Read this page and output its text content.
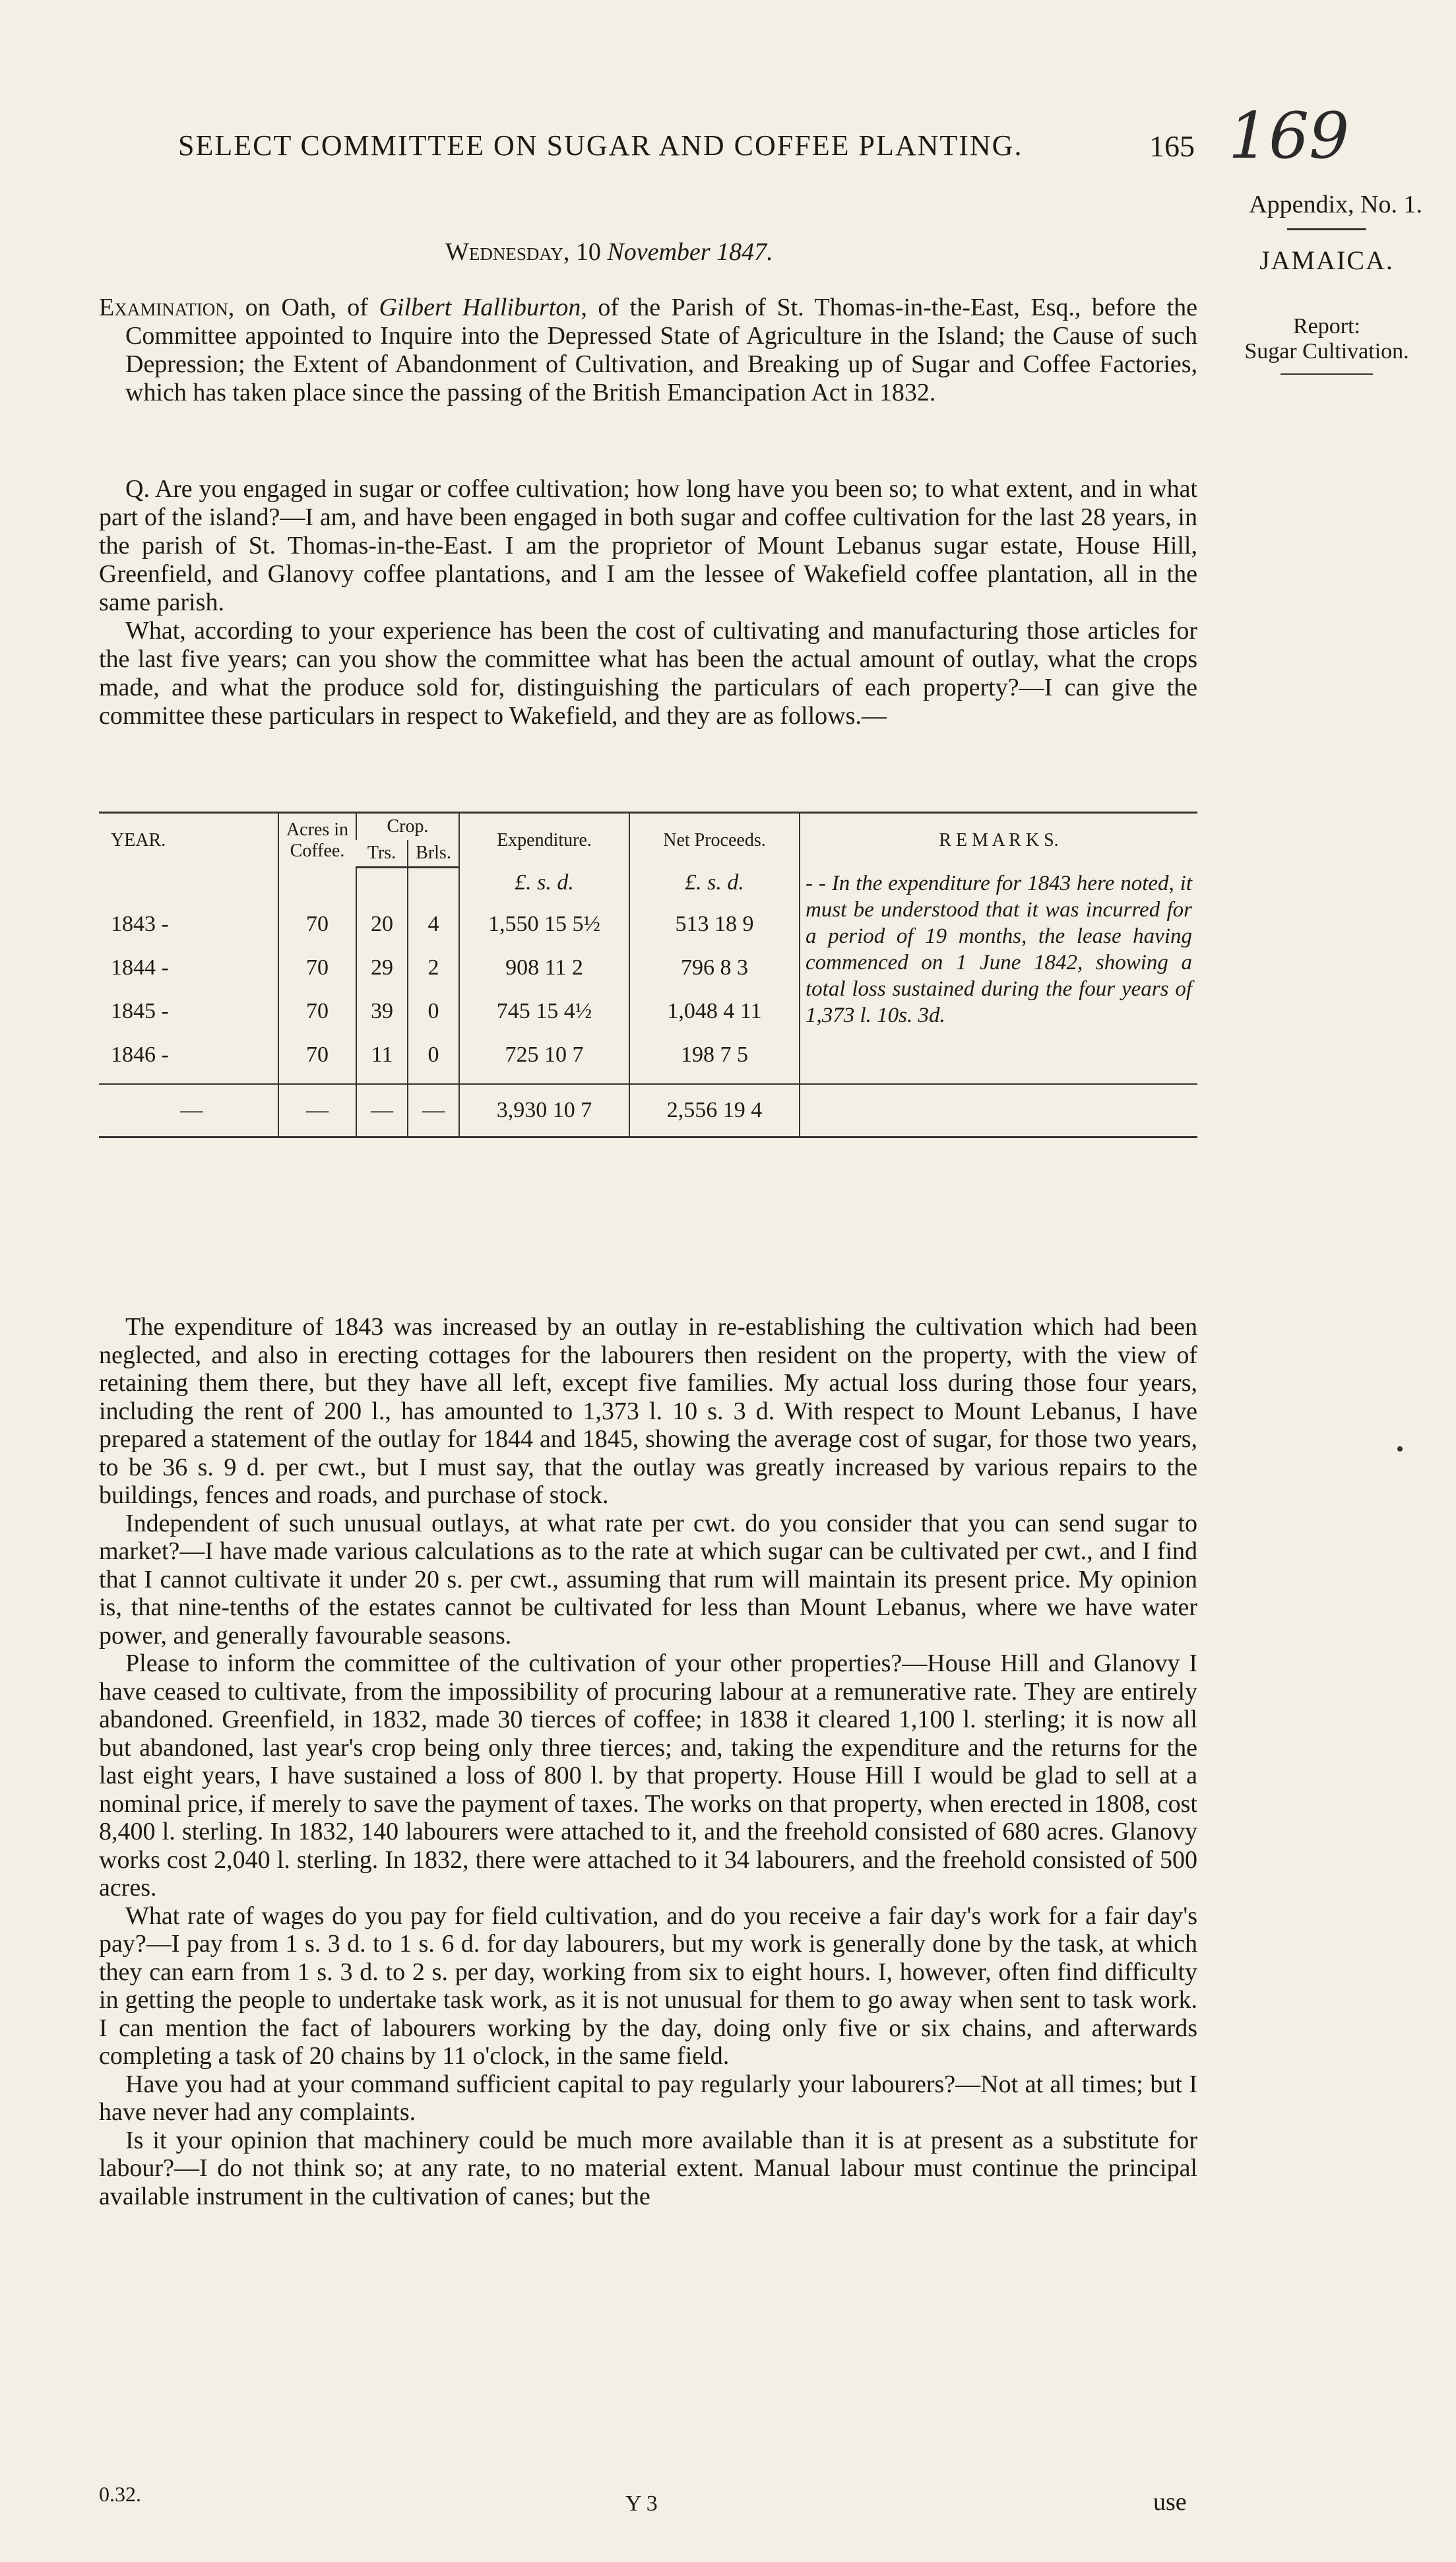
SELECT COMMITTEE ON SUGAR AND COFFEE PLANTING.	165 169
Appendix, No. 1.
JAMAICA.
Report:
Sugar Cultivation.
Wednesday, 10 November 1847.

Examination, on Oath, of Gilbert Halliburton, of the Parish of St. Thomas-in-the-East, Esq., before the Committee appointed to Inquire into the Depressed State of Agriculture in the Island; the Cause of such Depression; the Extent of Abandonment of Cultivation, and Breaking up of Sugar and Coffee Factories, which has taken place since the passing of the British Emancipation Act in 1832.

Q. Are you engaged in sugar or coffee cultivation; how long have you been so; to what extent, and in what part of the island?—I am, and have been engaged in both sugar and coffee cultivation for the last 28 years, in the parish of St. Thomas-in-the-East. I am the proprietor of Mount Lebanus sugar estate, House Hill, Greenfield, and Glanovy coffee plantations, and I am the lessee of Wakefield coffee plantation, all in the same parish.

What, according to your experience has been the cost of cultivating and manufacturing those articles for the last five years; can you show the committee what has been the actual amount of outlay, what the crops made, and what the produce sold for, distinguishing the particulars of each property?—I can give the committee these particulars in respect to Wakefield, and they are as follows.—

YEAR.	Acres in Coffee.	Crop.		Expenditure.	Net Proceeds.	R E M A R K S.
		Trs.	Brls.			
				£. s. d.	£. s. d.	- - In the expenditure for 1843 here noted, it must be understood that it was incurred for a period of 19 months, the lease having commenced on 1 June 1842, showing a total loss sustained during the four years of 1,373 l. 10s. 3d.
1843 -	70	20	4	1,550 15 5½	513 18 9	
1844 -	70	29	2	908 11 2	796 8 3	
1845 -	70	39	0	745 15 4½	1,048 4 11	
1846 -	70	11	0	725 10 7	198 7 5	
—	—	—	—	3,930 10 7	2,556 19 4	

The expenditure of 1843 was increased by an outlay in re-establishing the cultivation which had been neglected, and also in erecting cottages for the labourers then resident on the property, with the view of retaining them there, but they have all left, except five families. My actual loss during those four years, including the rent of 200 l., has amounted to 1,373 l. 10 s. 3 d. With respect to Mount Lebanus, I have prepared a statement of the outlay for 1844 and 1845, showing the average cost of sugar, for those two years, to be 36 s. 9 d. per cwt., but I must say, that the outlay was greatly increased by various repairs to the buildings, fences and roads, and purchase of stock.

Independent of such unusual outlays, at what rate per cwt. do you consider that you can send sugar to market?—I have made various calculations as to the rate at which sugar can be cultivated per cwt., and I find that I cannot cultivate it under 20 s. per cwt., assuming that rum will maintain its present price. My opinion is, that nine-tenths of the estates cannot be cultivated for less than Mount Lebanus, where we have water power, and generally favourable seasons.

Please to inform the committee of the cultivation of your other properties?—House Hill and Glanovy I have ceased to cultivate, from the impossibility of procuring labour at a remunerative rate. They are entirely abandoned. Greenfield, in 1832, made 30 tierces of coffee; in 1838 it cleared 1,100 l. sterling; it is now all but abandoned, last year's crop being only three tierces; and, taking the expenditure and the returns for the last eight years, I have sustained a loss of 800 l. by that property. House Hill I would be glad to sell at a nominal price, if merely to save the payment of taxes. The works on that property, when erected in 1808, cost 8,400 l. sterling. In 1832, 140 labourers were attached to it, and the freehold consisted of 680 acres. Glanovy works cost 2,040 l. sterling. In 1832, there were attached to it 34 labourers, and the freehold consisted of 500 acres.

What rate of wages do you pay for field cultivation, and do you receive a fair day's work for a fair day's pay?—I pay from 1 s. 3 d. to 1 s. 6 d. for day labourers, but my work is generally done by the task, at which they can earn from 1 s. 3 d. to 2 s. per day, working from six to eight hours. I, however, often find difficulty in getting the people to undertake task work, as it is not unusual for them to go away when sent to task work. I can mention the fact of labourers working by the day, doing only five or six chains, and afterwards completing a task of 20 chains by 11 o'clock, in the same field.

Have you had at your command sufficient capital to pay regularly your labourers?—Not at all times; but I have never had any complaints.

Is it your opinion that machinery could be much more available than it is at present as a substitute for labour?—I do not think so; at any rate, to no material extent. Manual labour must continue the principal available instrument in the cultivation of canes; but the

0.32.	Y 3	use
